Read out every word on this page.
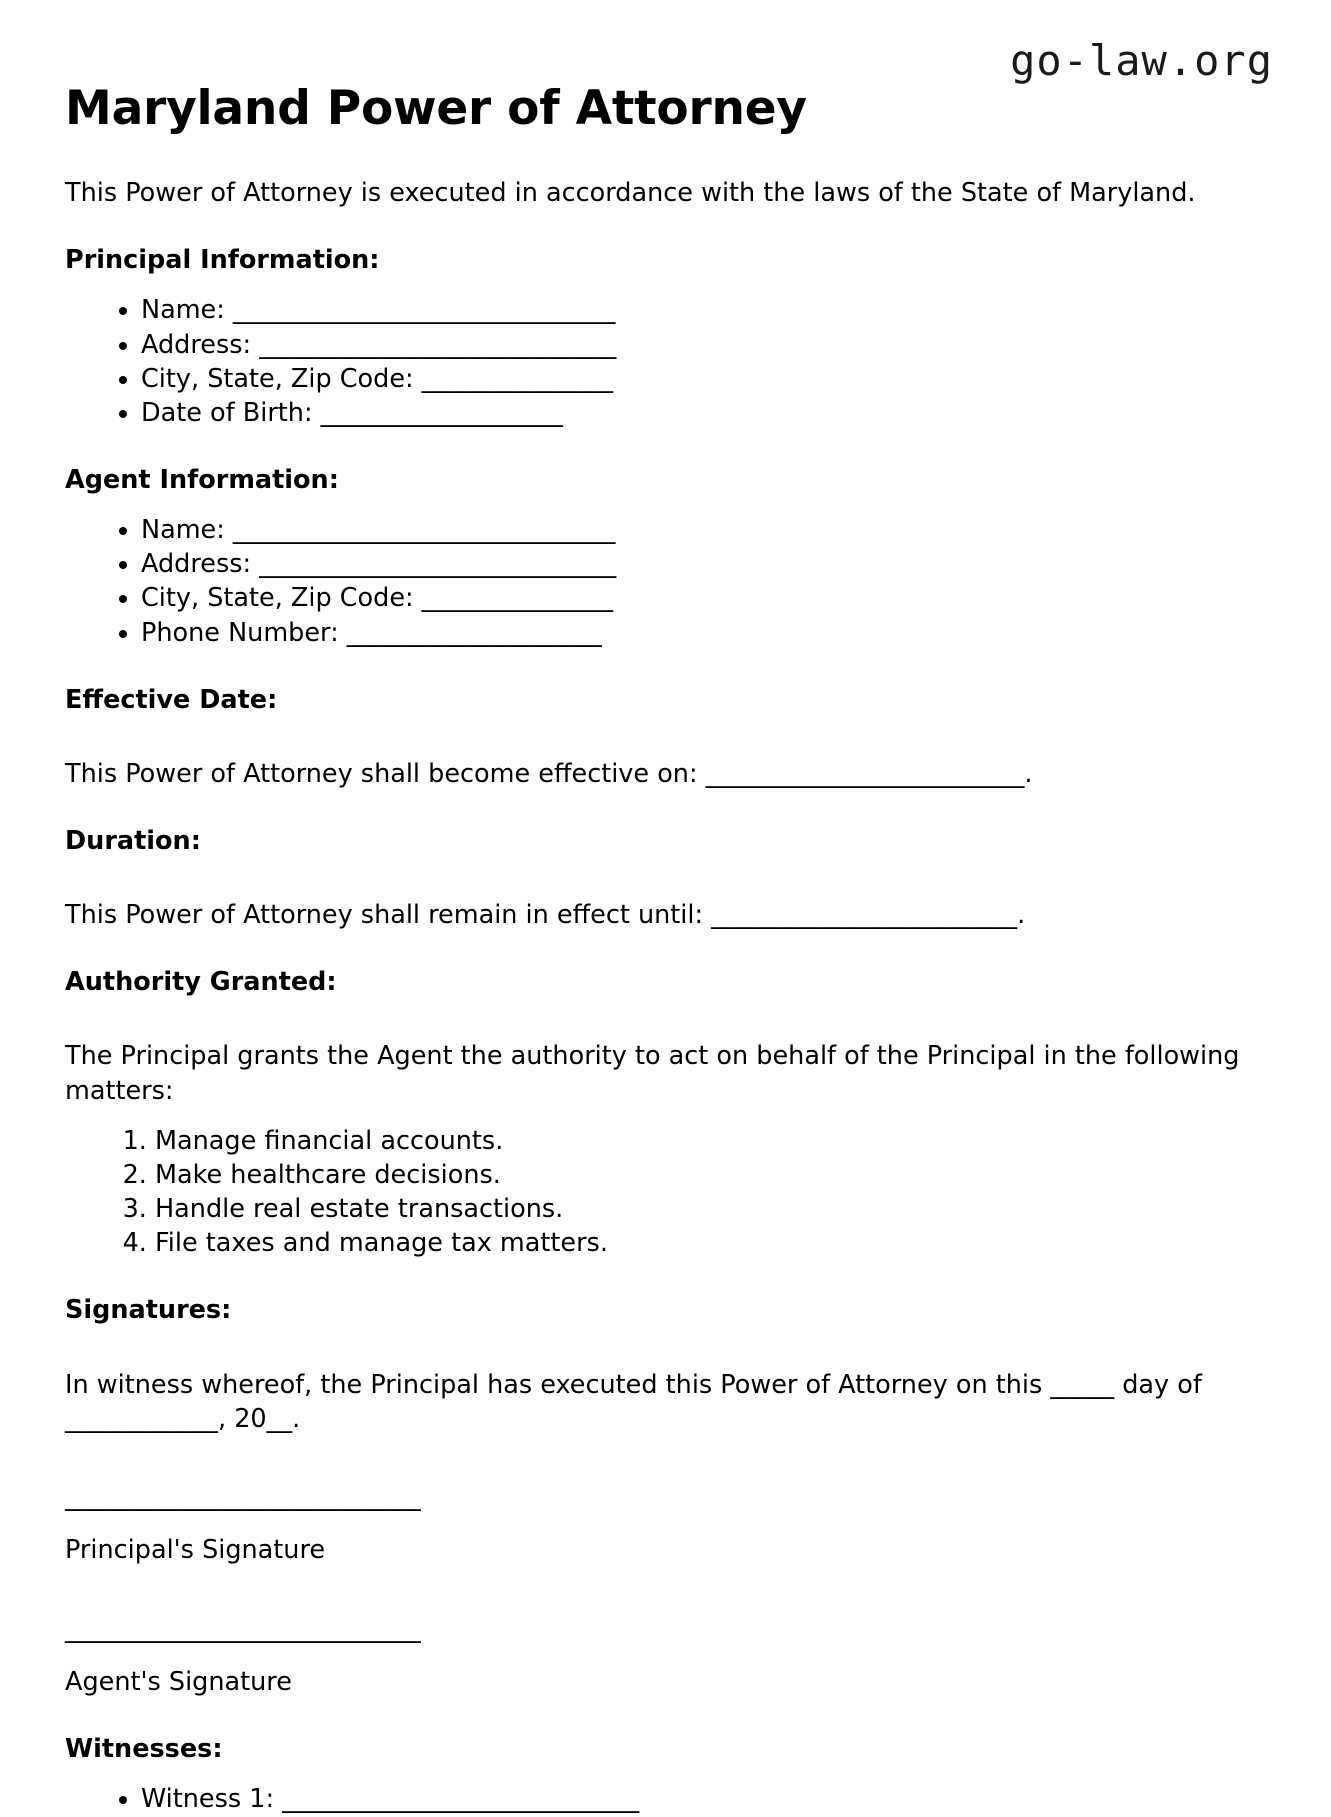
go-law.org
Maryland Power of Attorney

This Power of Attorney is executed in accordance with the laws of the State of Maryland.

Principal Information:
• Name: ______________________________
• Address: ____________________________
• City, State, Zip Code: _______________
• Date of Birth: ___________________
Agent Information:
• Name: ______________________________
• Address: ____________________________
• City, State, Zip Code: _______________
• Phone Number: ____________________
Effective Date:

This Power of Attorney shall become effective on: _________________________.

Duration:

This Power of Attorney shall remain in effect until: ________________________.

Authority Granted:

The Principal grants the Agent the authority to act on behalf of the Principal in the following matters:

1. Manage financial accounts.
2. Make healthcare decisions.
3. Handle real estate transactions.
4. File taxes and manage tax matters.
Signatures:

In witness whereof, the Principal has executed this Power of Attorney on this _____ day of ____________, 20__.

_____________________________

Principal's Signature

_____________________________

Agent's Signature

Witnesses:
• Witness 1: ____________________________
